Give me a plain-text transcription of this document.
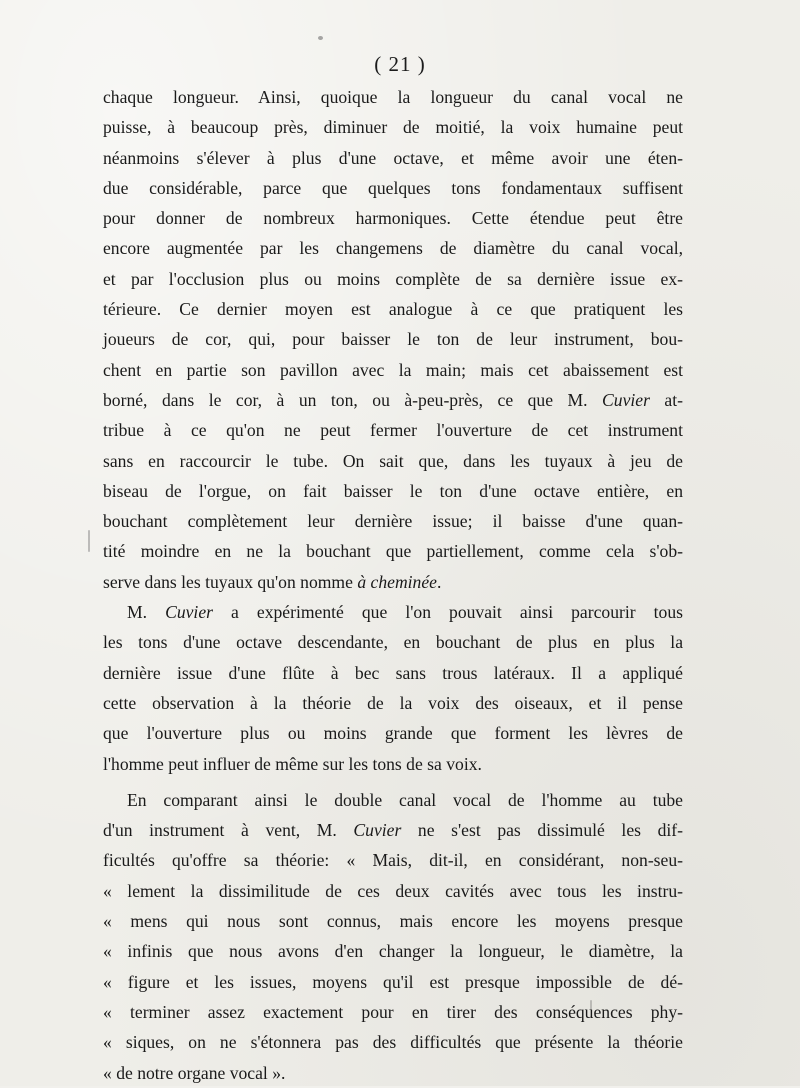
( 21 )
chaque longueur. Ainsi, quoique la longueur du canal vocal ne
puisse, à beaucoup près, diminuer de moitié, la voix humaine peut
néanmoins s'élever à plus d'une octave, et même avoir une éten-
due considérable, parce que quelques tons fondamentaux suffisent
pour donner de nombreux harmoniques. Cette étendue peut être
encore augmentée par les changemens de diamètre du canal vocal,
et par l'occlusion plus ou moins complète de sa dernière issue ex-
térieure. Ce dernier moyen est analogue à ce que pratiquent les
joueurs de cor, qui, pour baisser le ton de leur instrument, bou-
chent en partie son pavillon avec la main; mais cet abaissement est
borné, dans le cor, à un ton, ou à-peu-près, ce que M. Cuvier at-
tribue à ce qu'on ne peut fermer l'ouverture de cet instrument
sans en raccourcir le tube. On sait que, dans les tuyaux à jeu de
biseau de l'orgue, on fait baisser le ton d'une octave entière, en
bouchant complètement leur dernière issue; il baisse d'une quan-
tité moindre en ne la bouchant que partiellement, comme cela s'ob-
serve dans les tuyaux qu'on nomme à cheminée.
M. Cuvier a expérimenté que l'on pouvait ainsi parcourir tous
les tons d'une octave descendante, en bouchant de plus en plus la
dernière issue d'une flûte à bec sans trous latéraux. Il a appliqué
cette observation à la théorie de la voix des oiseaux, et il pense
que l'ouverture plus ou moins grande que forment les lèvres de
l'homme peut influer de même sur les tons de sa voix.
En comparant ainsi le double canal vocal de l'homme au tube
d'un instrument à vent, M. Cuvier ne s'est pas dissimulé les dif-
ficultés qu'offre sa théorie: « Mais, dit-il, en considérant, non-seu-
« lement la dissimilitude de ces deux cavités avec tous les instru-
« mens qui nous sont connus, mais encore les moyens presque
« infinis que nous avons d'en changer la longueur, le diamètre, la
« figure et les issues, moyens qu'il est presque impossible de dé-
« terminer assez exactement pour en tirer des conséquences phy-
« siques, on ne s'étonnera pas des difficultés que présente la théorie
« de notre organe vocal ».
